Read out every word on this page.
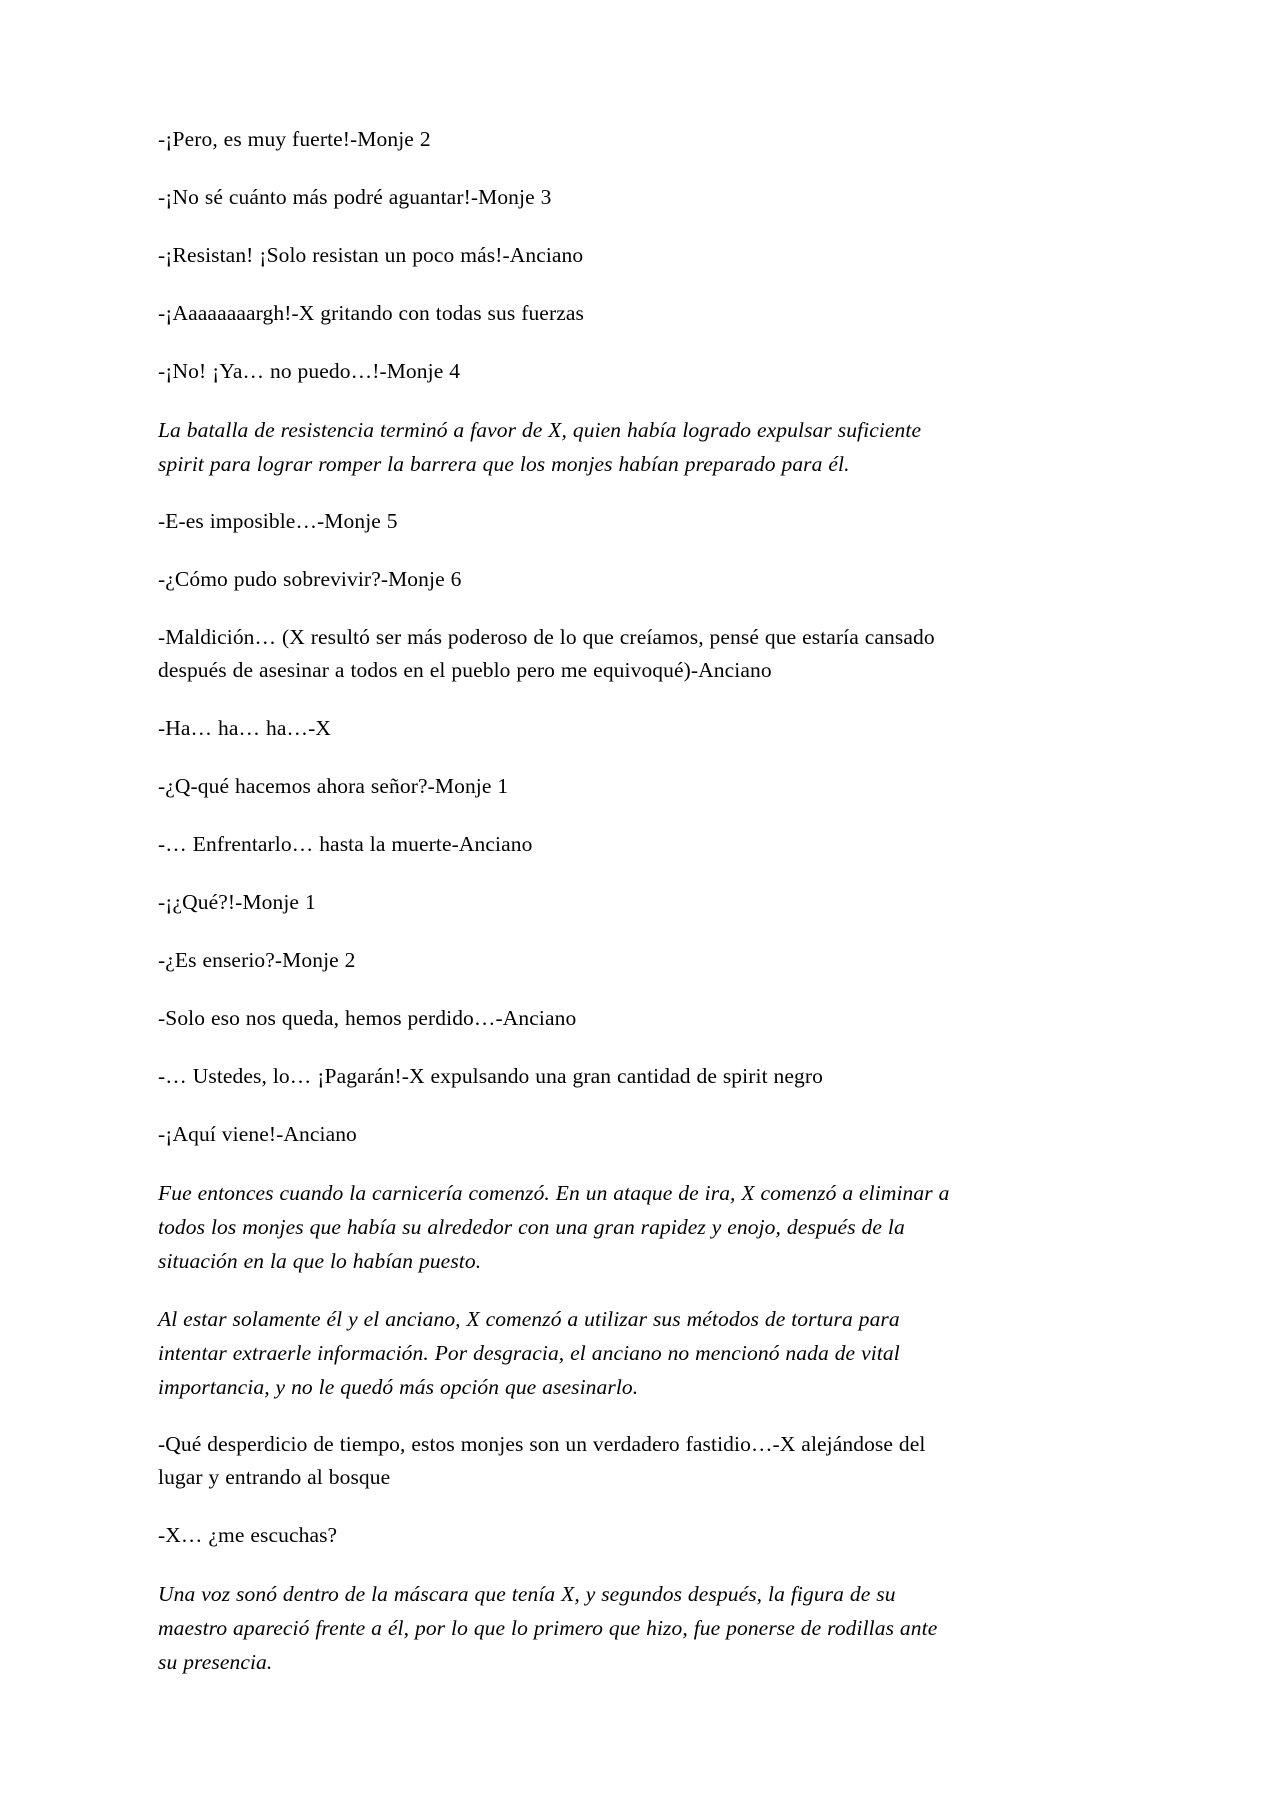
-¡Pero, es muy fuerte!-Monje 2

-¡No sé cuánto más podré aguantar!-Monje 3

-¡Resistan! ¡Solo resistan un poco más!-Anciano

-¡Aaaaaaaargh!-X gritando con todas sus fuerzas

-¡No! ¡Ya… no puedo…!-Monje 4

La batalla de resistencia terminó a favor de X, quien había logrado expulsar suficiente spirit para lograr romper la barrera que los monjes habían preparado para él.

-E-es imposible…-Monje 5

-¿Cómo pudo sobrevivir?-Monje 6

-Maldición… (X resultó ser más poderoso de lo que creíamos, pensé que estaría cansado después de asesinar a todos en el pueblo pero me equivoqué)-Anciano

-Ha… ha… ha…-X

-¿Q-qué hacemos ahora señor?-Monje 1

-… Enfrentarlo… hasta la muerte-Anciano

-¡¿Qué?!-Monje 1

-¿Es enserio?-Monje 2

-Solo eso nos queda, hemos perdido…-Anciano

-… Ustedes, lo… ¡Pagarán!-X expulsando una gran cantidad de spirit negro

-¡Aquí viene!-Anciano

Fue entonces cuando la carnicería comenzó. En un ataque de ira, X comenzó a eliminar a todos los monjes que había su alrededor con una gran rapidez y enojo, después de la situación en la que lo habían puesto.

Al estar solamente él y el anciano, X comenzó a utilizar sus métodos de tortura para intentar extraerle información. Por desgracia, el anciano no mencionó nada de vital importancia, y no le quedó más opción que asesinarlo.

-Qué desperdicio de tiempo, estos monjes son un verdadero fastidio…-X alejándose del lugar y entrando al bosque

-X… ¿me escuchas?

Una voz sonó dentro de la máscara que tenía X, y segundos después, la figura de su maestro apareció frente a él, por lo que lo primero que hizo, fue ponerse de rodillas ante su presencia.
